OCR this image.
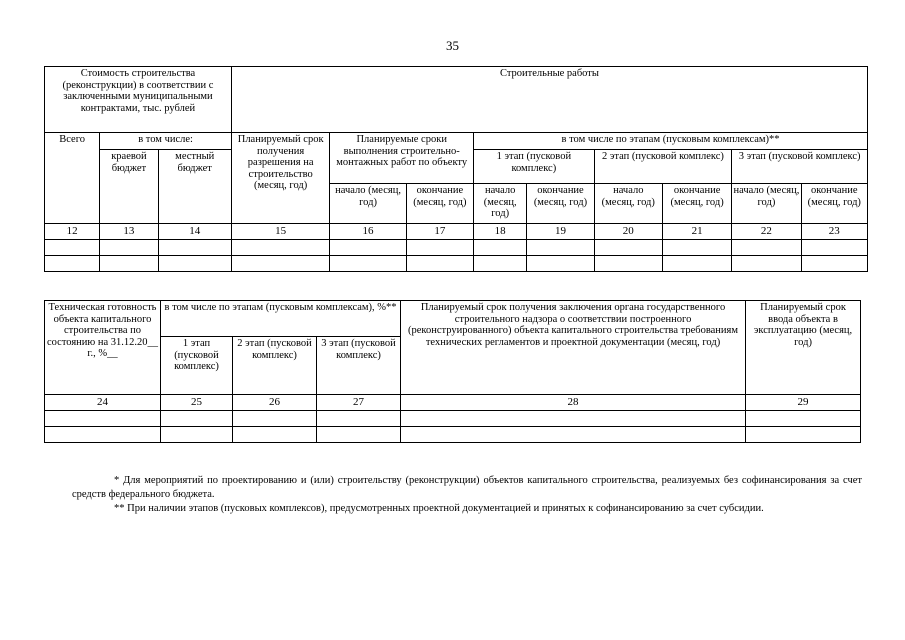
35
Стоимость строительства (реконструкции) в соответствии с заключенными муниципальными контрактами, тыс. рублей			Строительные работы								
Всего	в том числе:		Планируемый срок получения разрешения на строительство (месяц, год)	Планируемые сроки выполнения строительно-монтажных работ по объекту		в том числе по этапам (пусковым комплексам)**					
	краевой бюджет	местный бюджет				1 этап (пусковой комплекс)		2 этап (пусковой комплекс)		3 этап (пусковой комплекс)	
				начало (месяц, год)	окончание (месяц, год)	начало (месяц, год)	окончание (месяц, год)	начало (месяц, год)	окончание (месяц, год)	начало (месяц, год)	окончание (месяц, год)
12	13	14	15	16	17	18	19	20	21	22	23

Техническая готовность объекта капитального строительства по состоянию на 31.12.20__ г., %__	в том числе по этапам (пусковым комплексам), %**			Планируемый срок получения заключения органа государственного строительного надзора о соответствии построенного (реконструированного) объекта капитального строительства требованиям технических регламентов и проектной документации (месяц, год)	Планируемый срок ввода объекта в эксплуатацию (месяц, год)
	1 этап (пусковой комплекс)	2 этап (пусковой комплекс)	3 этап (пусковой комплекс)		
24	25	26	27	28	29

* Для мероприятий по проектированию и (или) строительству (реконструкции) объектов капитального строительства, реализуемых без софинансирования за счет средств федерального бюджета.
** При наличии этапов (пусковых комплексов), предусмотренных проектной документацией и принятых к софинансированию за счет субсидии.
